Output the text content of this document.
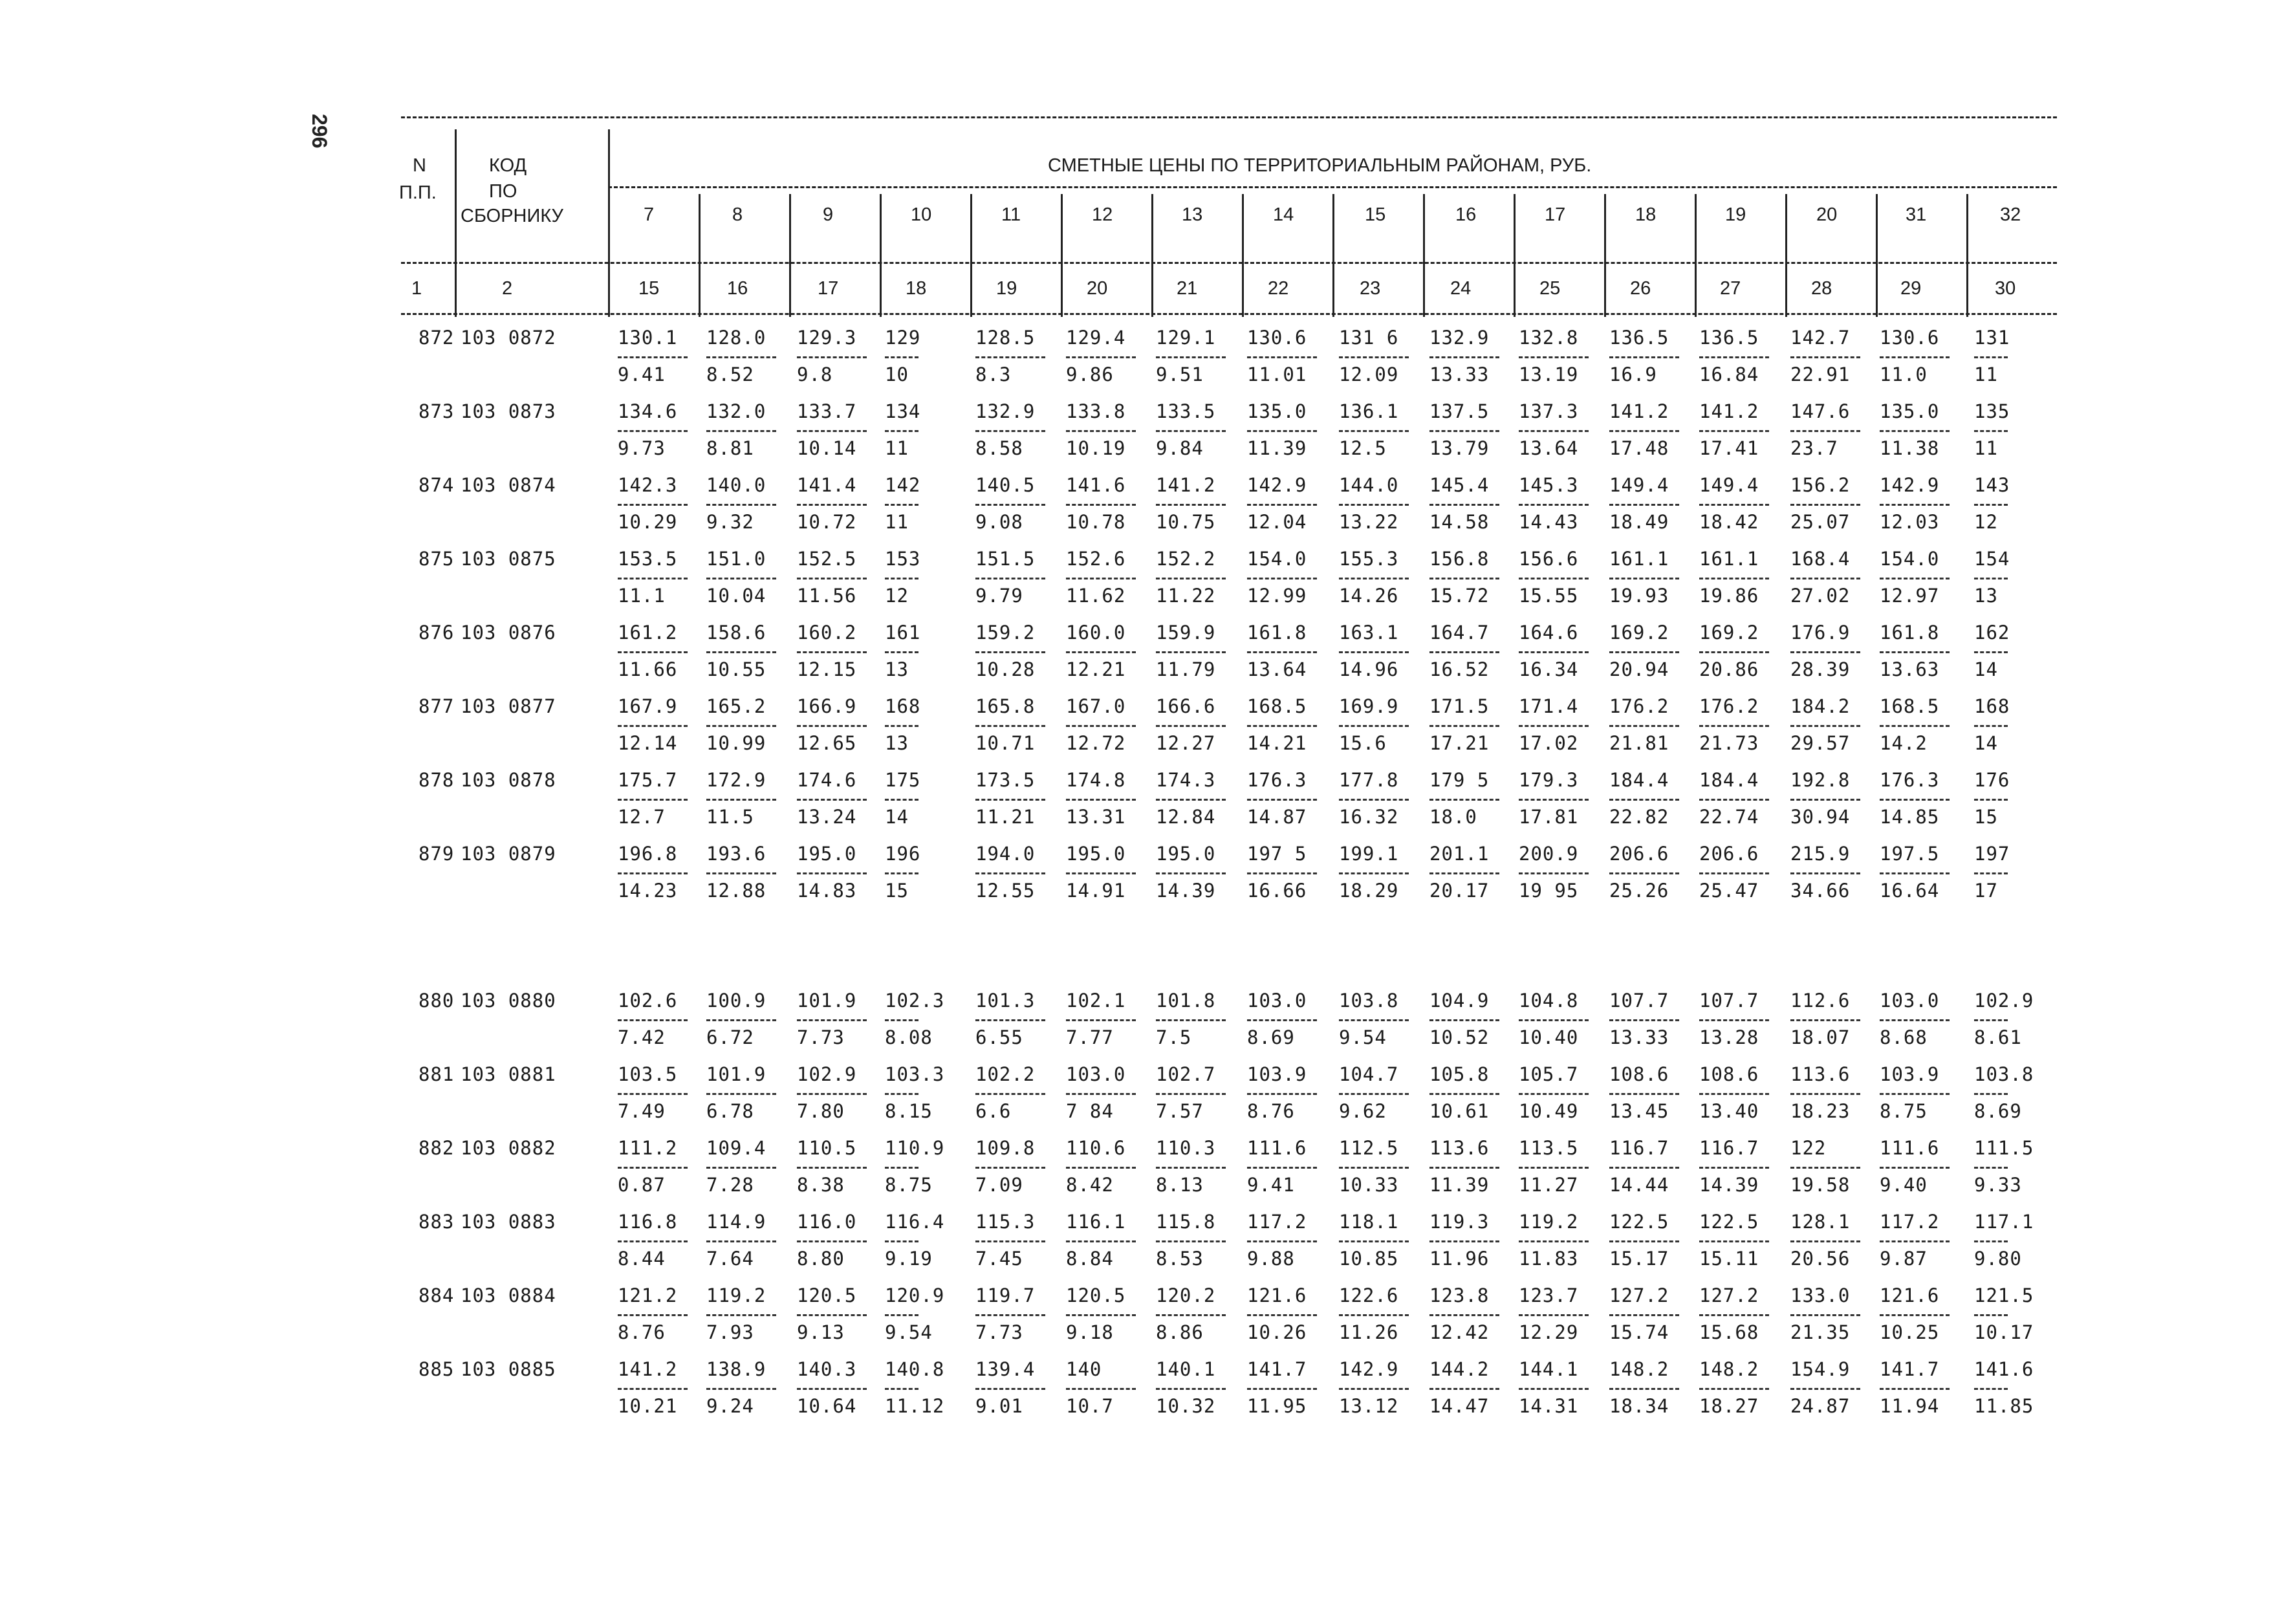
296
N
П.П.
КОД
ПО
СБОРНИКУ
СМЕТНЫЕ ЦЕНЫ ПО ТЕРРИТОРИАЛЬНЫМ РАЙОНАМ, РУБ.
7	8	9	10	11	12	13	14	15	16	17	18	19	20	31	32
1	2	15	16	17	18	19	20	21	22	23	24	25	26	27	28	29	30
872 103 0872	130.1 128.0 129.3 129	128.5 129.4 129.1 130.6 131 6 132.9 132.8 136.5 136.5 142.7 130.6 131
9.41 8.52 9.8	10	8.3	9.86 9.51 11.01 12.09 13.33 13.19 16.9 16.84 22.91 11.0 11
873 103 0873	134.6 132.0 133.7 134	132.9 133.8 133.5 135.0 136.1 137.5 137.3 141.2 141.2 147.6 135.0 135
9.73 8.81 10.14 11	8.58 10.19 9.84 11.39 12.5 13.79 13.64 17.48 17.41 23.7 11.38 11
874 103 0874	142.3 140.0 141.4 142	140.5 141.6 141.2 142.9 144.0 145.4 145.3 149.4 149.4 156.2 142.9 143
10.29 9.32 10.72 11	9.08 10.78 10.75 12.04 13.22 14.58 14.43 18.49 18.42 25.07 12.03 12
875 103 0875	153.5 151.0 152.5 153	151.5 152.6 152.2 154.0 155.3 156.8 156.6 161.1 161.1 168.4 154.0 154
11.1 10.04 11.56 12	9.79 11.62 11.22 12.99 14.26 15.72 15.55 19.93 19.86 27.02 12.97 13
876 103 0876	161.2 158.6 160.2 161	159.2 160.0 159.9 161.8 163.1 164.7 164.6 169.2 169.2 176.9 161.8 162
11.66 10.55 12.15 13	10.28 12.21 11.79 13.64 14.96 16.52 16.34 20.94 20.86 28.39 13.63 14
877 103 0877	167.9 165.2 166.9 168	165.8 167.0 166.6 168.5 169.9 171.5 171.4 176.2 176.2 184.2 168.5 168
12.14 10.99 12.65 13	10.71 12.72 12.27 14.21 15.6 17.21 17.02 21.81 21.73 29.57 14.2 14
878 103 0878	175.7 172.9 174.6 175	173.5 174.8 174.3 176.3 177.8 179 5 179.3 184.4 184.4 192.8 176.3 176
12.7 11.5 13.24 14	11.21 13.31 12.84 14.87 16.32 18.0 17.81 22.82 22.74 30.94 14.85 15
879 103 0879	196.8 193.6 195.0 196	194.0 195.0 195.0 197 5 199.1 201.1 200.9 206.6 206.6 215.9 197.5 197
14.23 12.88 14.83 15	12.55 14.91 14.39 16.66 18.29 20.17 19 95 25.26 25.47 34.66 16.64 17
880 103 0880	102.6 100.9 101.9 102.3 101.3 102.1 101.8 103.0 103.8 104.9 104.8 107.7 107.7 112.6 103.0 102.9
7.42 6.72 7.73 8.08 6.55 7.77 7.5	8.69 9.54 10.52 10.40 13.33 13.28 18.07 8.68 8.61
881 103 0881	103.5 101.9 102.9 103.3 102.2 103.0 102.7 103.9 104.7 105.8 105.7 108.6 108.6 113.6 103.9 103.8
7.49 6.78 7.80 8.15 6.6	7 84 7.57 8.76 9.62 10.61 10.49 13.45 13.40 18.23 8.75 8.69
882 103 0882	111.2 109.4 110.5 110.9 109.8 110.6 110.3 111.6 112.5 113.6 113.5 116.7 116.7 122	111.6 111.5
0.87 7.28 8.38 8.75 7.09 8.42 8.13 9.41 10.33 11.39 11.27 14.44 14.39 19.58 9.40 9.33
883 103 0883	116.8 114.9 116.0 116.4 115.3 116.1 115.8 117.2 118.1 119.3 119.2 122.5 122.5 128.1 117.2 117.1
8.44 7.64 8.80 9.19 7.45 8.84 8.53 9.88 10.85 11.96 11.83 15.17 15.11 20.56 9.87 9.80
884 103 0884	121.2 119.2 120.5 120.9 119.7 120.5 120.2 121.6 122.6 123.8 123.7 127.2 127.2 133.0 121.6 121.5
8.76 7.93 9.13 9.54 7.73 9.18 8.86 10.26 11.26 12.42 12.29 15.74 15.68 21.35 10.25 10.17
885 103 0885	141.2 138.9 140.3 140.8 139.4 140	140.1 141.7 142.9 144.2 144.1 148.2 148.2 154.9 141.7 141.6
10.21 9.24 10.64 11.12 9.01 10.7 10.32 11.95 13.12 14.47 14.31 18.34 18.27 24.87 11.94 11.85
